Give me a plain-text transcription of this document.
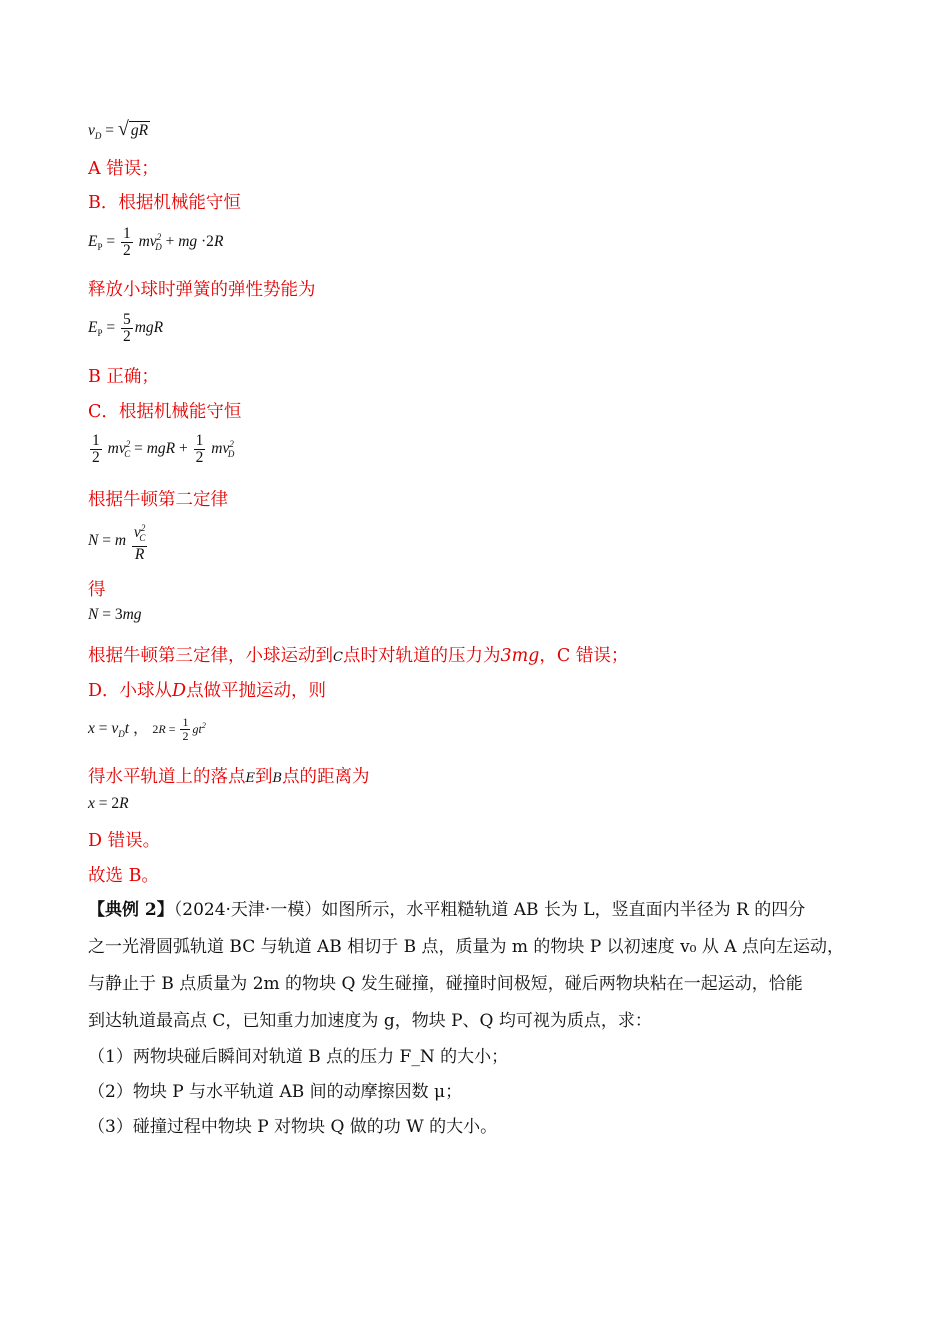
$v_D$ = √ gR
A 错误；
B．根据机械能守恒
$E_P = \frac{1}{2} mv^2_D$ + mg ·2R
释放小球时弹簧的弹性势能为
$E_P = \frac{5}{2}$ mgR
B 正确；
C．根据机械能守恒
$\frac{1}{2} mv^2_C$ = mgR + $\frac{1}{2} mv^2_D$
根据牛顿第二定律
N = m $\frac{v^2_C}{R}$
得
N = 3mg
根据牛顿第三定律，小球运动到C点时对轨道的压力为3mg，C 错误；
D．小球从D点做平抛运动，则
$x = v_Dt$ ， $2R = \frac{1}{2} gt^2$
得水平轨道上的落点E到B点的距离为
x = 2R
D 错误。
故选 B。
【典例 2】（2024·天津·一模）如图所示，水平粗糙轨道 AB 长为 L，竖直面内半径为 R 的四分
之一光滑圆弧轨道 BC 与轨道 AB 相切于 B 点，质量为 m 的物块 P 以初速度 v₀ 从 A 点向左运动，
与静止于 B 点质量为 2m 的物块 Q 发生碰撞，碰撞时间极短，碰后两物块粘在一起运动，恰能
到达轨道最高点 C，已知重力加速度为 g，物块 P、Q 均可视为质点，求：
（1）两物块碰后瞬间对轨道 B 点的压力 F_N 的大小；
（2）物块 P 与水平轨道 AB 间的动摩擦因数 μ；
（3）碰撞过程中物块 P 对物块 Q 做的功 W 的大小。
